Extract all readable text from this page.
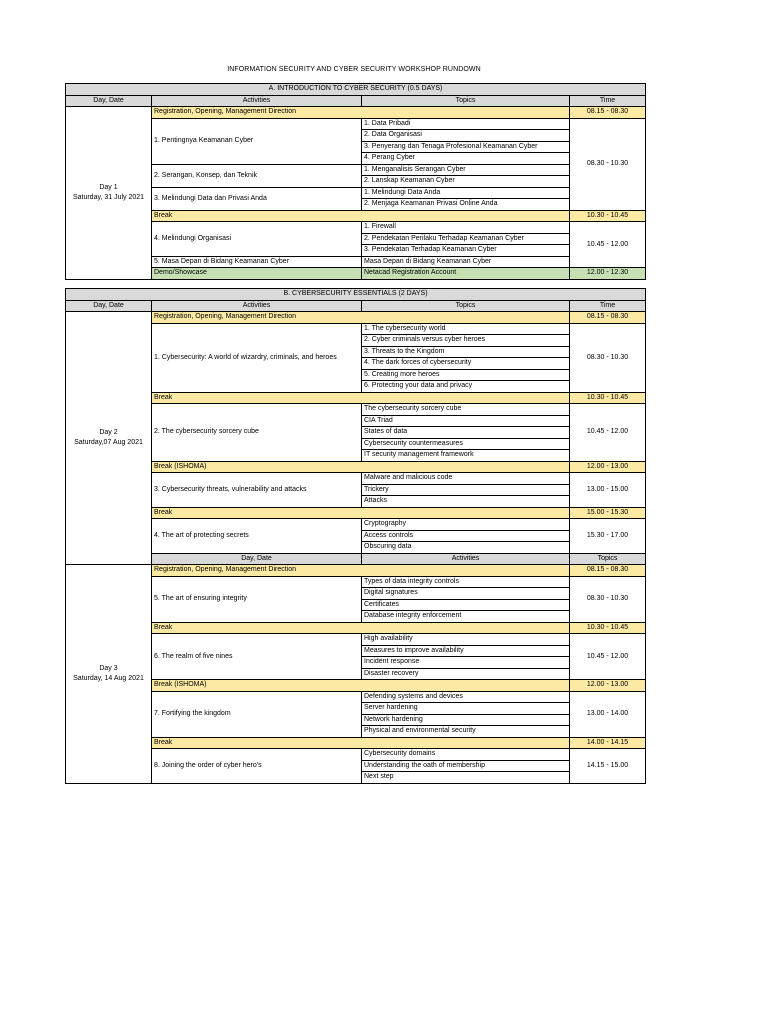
INFORMATION SECURITY AND CYBER SECURITY WORKSHOP RUNDOWN
A. INTRODUCTION TO CYBER SECURITY (0.5 DAYS)			
Day, Date	Activities	Topics	Time

Day 1
Saturday, 31 July 2021	Registration, Opening, Management Direction		08.15 - 08.30
	1. Pentingnya Keamanan Cyber	1. Data Pribadi	08.30 - 10.30
		2. Data Organisasi	
		3. Penyerang dan Tenaga Profesional Keamanan Cyber	
		4. Perang Cyber	
	2. Serangan, Konsep, dan Teknik	1. Menganalisis Serangan Cyber	
		2. Lanskap Keamanan Cyber	
	3. Melindungi Data dan Privasi Anda	1. Melindungi Data Anda	
		2. Menjaga Keamanan Privasi Online Anda	
	Break		10.30 - 10.45
	4. Melindungi Organisasi	1. Firewall	10.45 - 12.00
		2. Pendekatan Perilaku Terhadap Keamanan Cyber	
		3. Pendekatan Terhadap Keamanan Cyber	
	5. Masa Depan di Bidang Keamanan Cyber	Masa Depan di Bidang Keamanan Cyber	
	Demo/Showcase	Netacad Registration Account	12.00 - 12.30
B. CYBERSECURITY ESSENTIALS (2 DAYS)				
Day, Date	Activities	Topics	Time	

Day 2
Saturday,07 Aug 2021	Registration, Opening, Management Direction		08.15 - 08.30	
	1. Cybersecurity: A world of wizardry, criminals, and heroes	1. The cybersecurity world	08.30 - 10.30	
		2. Cyber criminals versus cyber heroes		
		3. Threats to the Kingdom		
		4. The dark forces of cybersecurity		
		5. Creating more heroes		
		6. Protecting your data and privacy		
	Break		10.30 - 10.45	
	2. The cybersecurity sorcery cube	The cybersecurity sorcery cube	10.45 - 12.00	
		CIA Triad		
		States of data		
		Cybersecurity countermeasures		
		IT security management framework		
	Break (ISHOMA)		12.00 - 13.00	
	3. Cybersecurity threats, vulnerability and attacks	Malware and malicious code	13.00 - 15.00	
		Trickery		
		Attacks		
	Break		15.00 - 15.30	
	4. The art of protecting secrets	Cryptography	15.30 - 17.00	
		Access controls		
		Obscuring data		
	Day, Date	Activities	Topics	

Day 3
Saturday, 14 Aug 2021	Registration, Opening, Management Direction		08.15 - 08.30	
	5. The art of ensuring integrity	Types of data integrity controls	08.30 - 10.30	
		Digital signatures		
		Certificates		
		Database integrity enforcement		
	Break		10.30 - 10.45	
	6. The realm of five nines	High availability	10.45 - 12.00	
		Measures to improve availability		
		Incident response		
		Disaster recovery		
	Break (ISHOMA)		12.00 - 13.00	
	7. Fortifying the kingdom	Defending systems and devices	13.00 - 14.00	
		Server hardening		
		Network hardening		
		Physical and environmental security		
	Break		14.00 - 14.15	
	8. Joining the order of cyber hero's	Cybersecurity domains	14.15 - 15.00	
		Understanding the oath of membership		
		Next step		
